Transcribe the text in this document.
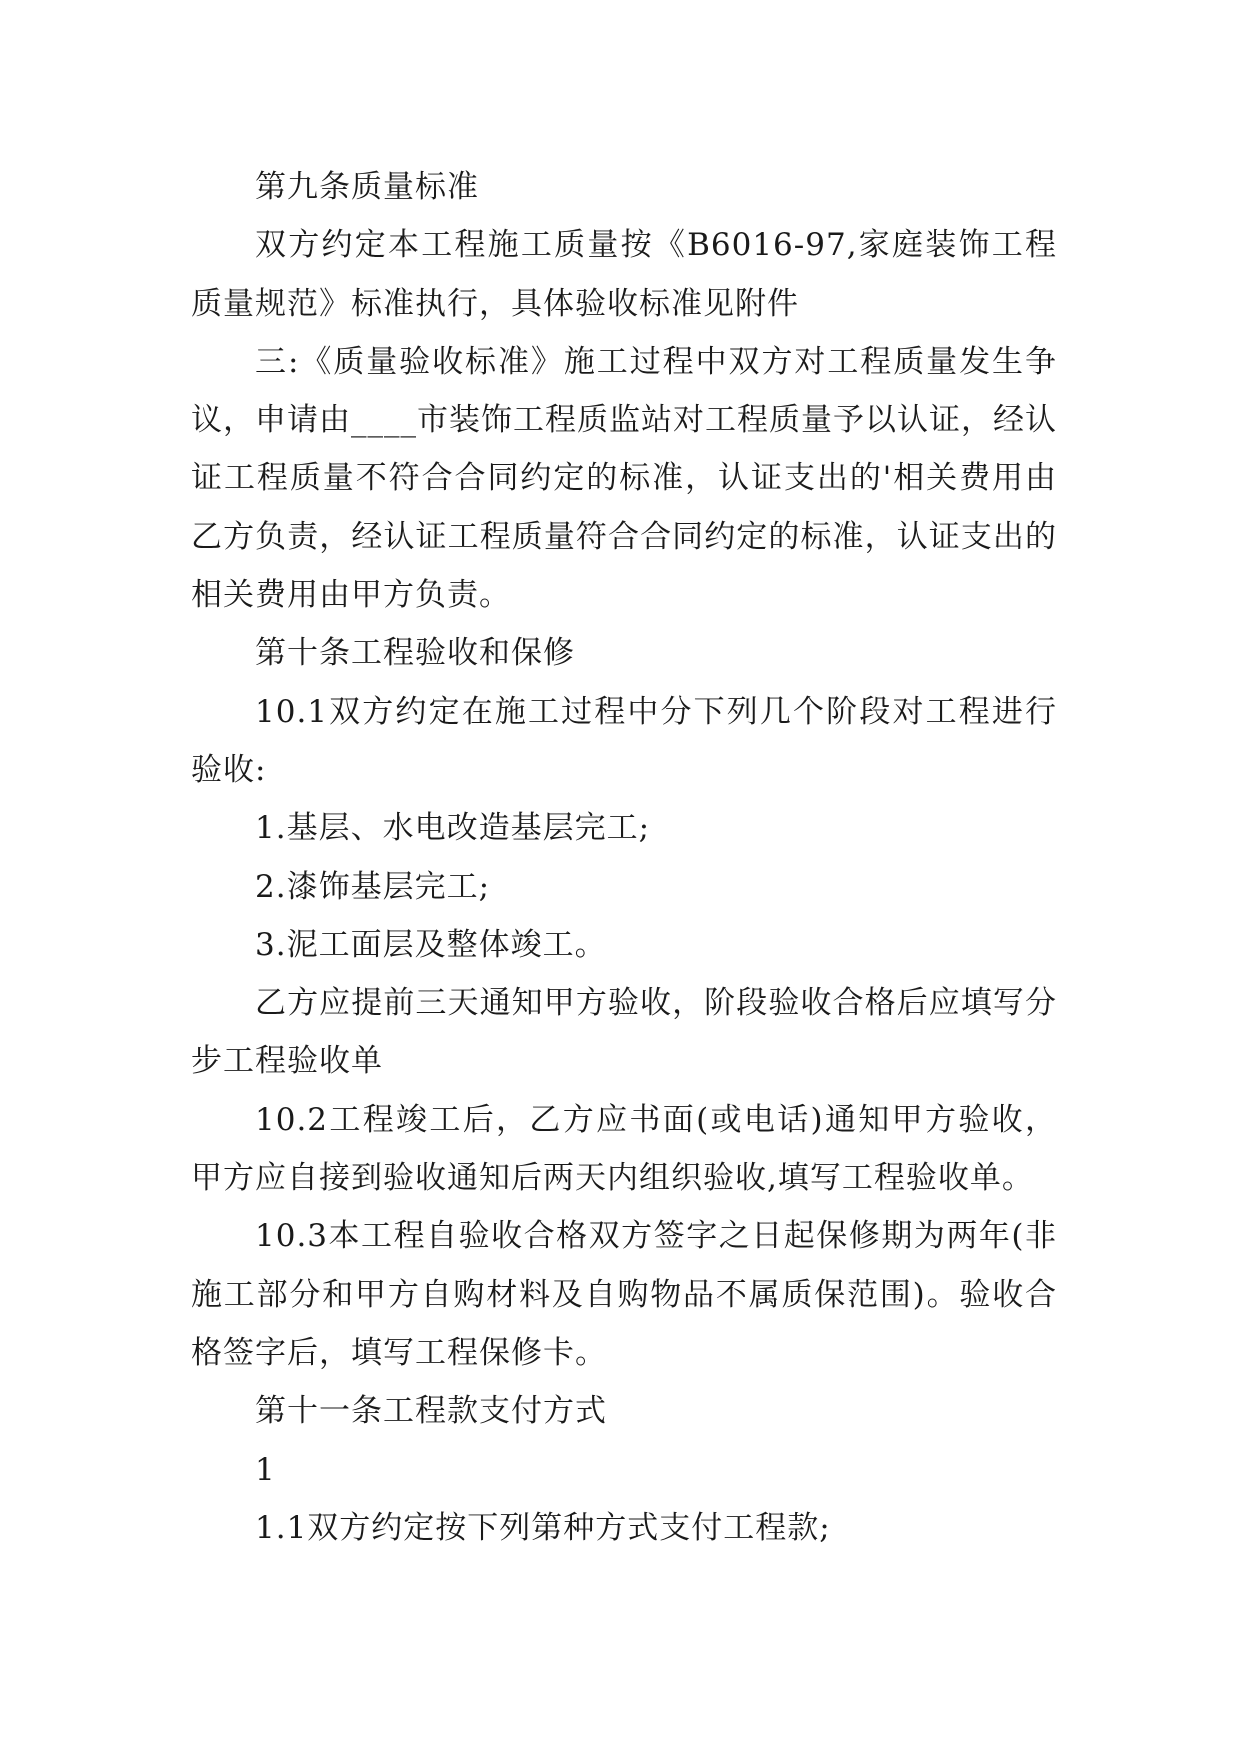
第九条质量标准

双方约定本工程施工质量按《B6016-97,家庭装饰工程质量规范》标准执行，具体验收标准见附件

三:《质量验收标准》施工过程中双方对工程质量发生争议，申请由____市装饰工程质监站对工程质量予以认证，经认证工程质量不符合合同约定的标准，认证支出的'相关费用由乙方负责，经认证工程质量符合合同约定的标准，认证支出的相关费用由甲方负责。

第十条工程验收和保修

10.1双方约定在施工过程中分下列几个阶段对工程进行验收:

1.基层、水电改造基层完工;

2.漆饰基层完工;

3.泥工面层及整体竣工。

乙方应提前三天通知甲方验收，阶段验收合格后应填写分步工程验收单

10.2工程竣工后，乙方应书面(或电话)通知甲方验收，甲方应自接到验收通知后两天内组织验收,填写工程验收单。

10.3本工程自验收合格双方签字之日起保修期为两年(非施工部分和甲方自购材料及自购物品不属质保范围)。验收合格签字后，填写工程保修卡。

第十一条工程款支付方式

1

1.1双方约定按下列第种方式支付工程款;
